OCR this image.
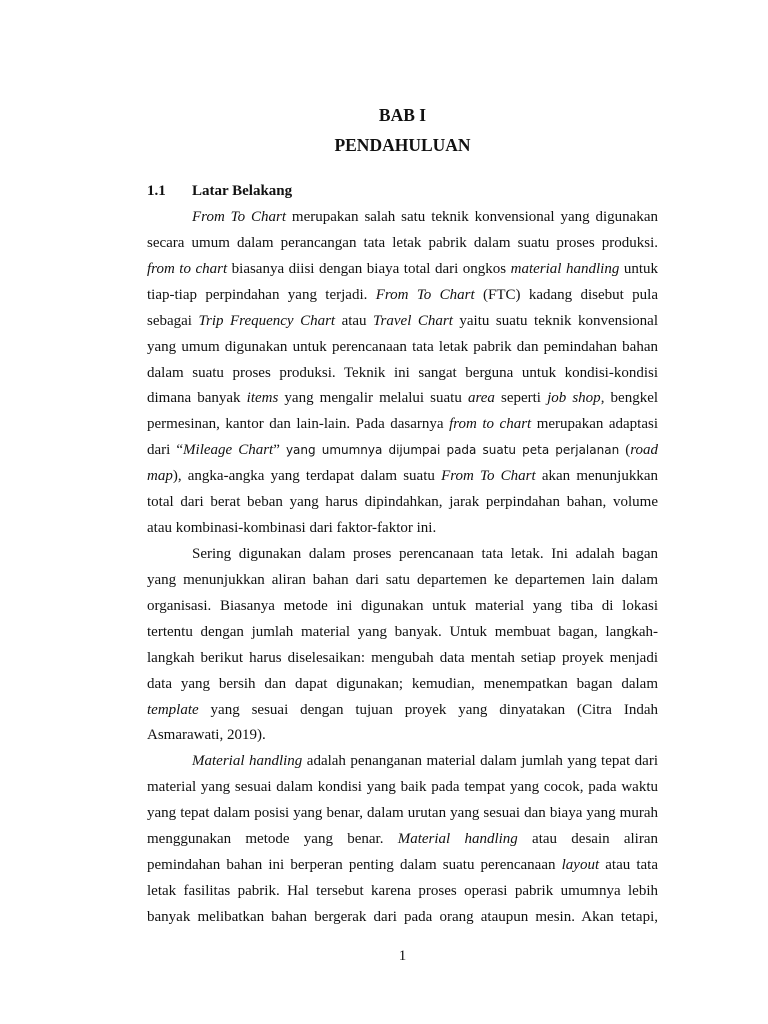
BAB I
PENDAHULUAN
1.1 Latar Belakang
From To Chart merupakan salah satu teknik konvensional yang digunakan
secara umum dalam perancangan tata letak pabrik dalam suatu proses produksi.
from to chart biasanya diisi dengan biaya total dari ongkos material handling untuk
tiap-tiap perpindahan yang terjadi. From To Chart (FTC) kadang disebut pula
sebagai Trip Frequency Chart atau Travel Chart yaitu suatu teknik konvensional
yang umum digunakan untuk perencanaan tata letak pabrik dan pemindahan bahan
dalam suatu proses produksi. Teknik ini sangat berguna untuk kondisi-kondisi
dimana banyak items yang mengalir melalui suatu area seperti job shop, bengkel
permesinan, kantor dan lain-lain. Pada dasarnya from to chart merupakan adaptasi
dari “Mileage Chart” yang umumnya dijumpai pada suatu peta perjalanan (road
map), angka-angka yang terdapat dalam suatu From To Chart akan menunjukkan
total dari berat beban yang harus dipindahkan, jarak perpindahan bahan, volume
atau kombinasi-kombinasi dari faktor-faktor ini.
Sering digunakan dalam proses perencanaan tata letak. Ini adalah bagan
yang menunjukkan aliran bahan dari satu departemen ke departemen lain dalam
organisasi. Biasanya metode ini digunakan untuk material yang tiba di lokasi
tertentu dengan jumlah material yang banyak. Untuk membuat bagan, langkah-
langkah berikut harus diselesaikan: mengubah data mentah setiap proyek menjadi
data yang bersih dan dapat digunakan; kemudian, menempatkan bagan dalam
template yang sesuai dengan tujuan proyek yang dinyatakan (Citra Indah
Asmarawati, 2019).
Material handling adalah penanganan material dalam jumlah yang tepat dari
material yang sesuai dalam kondisi yang baik pada tempat yang cocok, pada waktu
yang tepat dalam posisi yang benar, dalam urutan yang sesuai dan biaya yang murah
menggunakan metode yang benar. Material handling atau desain aliran
pemindahan bahan ini berperan penting dalam suatu perencanaan layout atau tata
letak fasilitas pabrik. Hal tersebut karena proses operasi pabrik umumnya lebih
banyak melibatkan bahan bergerak dari pada orang ataupun mesin. Akan tetapi,
1
